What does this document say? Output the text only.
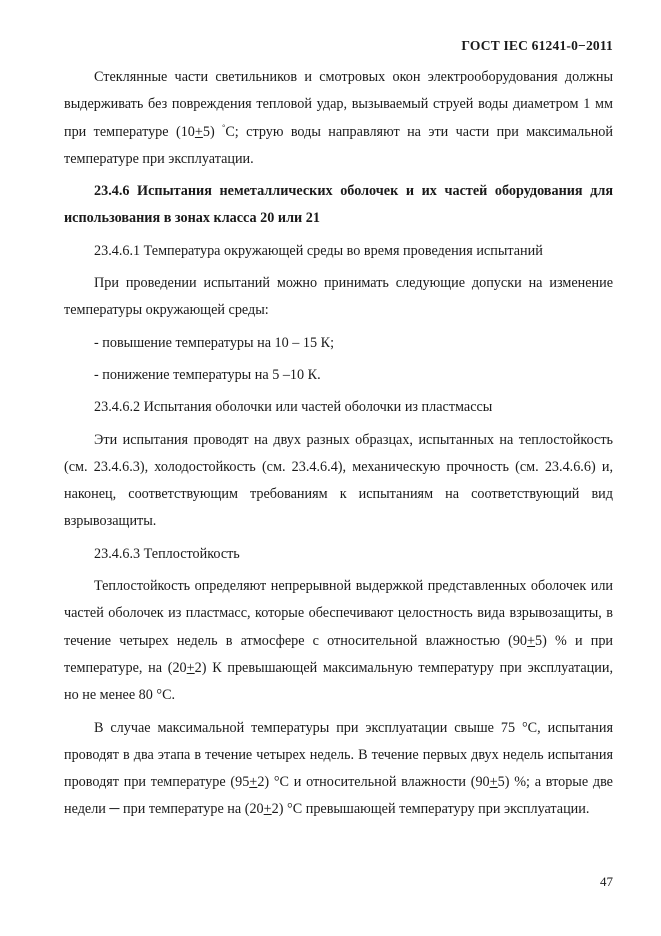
ГОСТ IEC 61241-0−2011

Стеклянные части светильников и смотровых окон электрооборудования должны выдерживать без повреждения тепловой удар, вызываемый струей воды диаметром 1 мм при температуре (10+5) °С; струю воды направляют на эти части при максимальной температуре при эксплуатации.

23.4.6 Испытания неметаллических оболочек и их частей оборудования для использования в зонах класса 20 или 21

23.4.6.1 Температура окружающей среды во время проведения испытаний

При проведении испытаний можно принимать следующие допуски на изменение температуры окружающей среды:

- повышение температуры на 10 – 15 К;

- понижение температуры на 5 –10 К.

23.4.6.2 Испытания оболочки или частей оболочки из пластмассы

Эти испытания проводят на двух разных образцах, испытанных на теплостойкость (см. 23.4.6.3), холодостойкость (см. 23.4.6.4), механическую прочность (см. 23.4.6.6) и, наконец, соответствующим требованиям к испытаниям на соответствующий вид взрывозащиты.

23.4.6.3 Теплостойкость

Теплостойкость определяют непрерывной выдержкой представленных оболочек или частей оболочек из пластмасс, которые обеспечивают целостность вида взрывозащиты, в течение четырех недель в атмосфере с относительной влажностью (90+5) % и при температуре, на (20+2) К превышающей максимальную температуру при эксплуатации, но не менее 80 °С.

В случае максимальной температуры при эксплуатации свыше 75 °С, испытания проводят в два этапа в течение четырех недель. В течение первых двух недель испытания проводят при температуре (95+2) °С и относительной влажности (90+5) %; а вторые две недели ─ при температуре на (20+2) °С превышающей температуру при эксплуатации.

47
